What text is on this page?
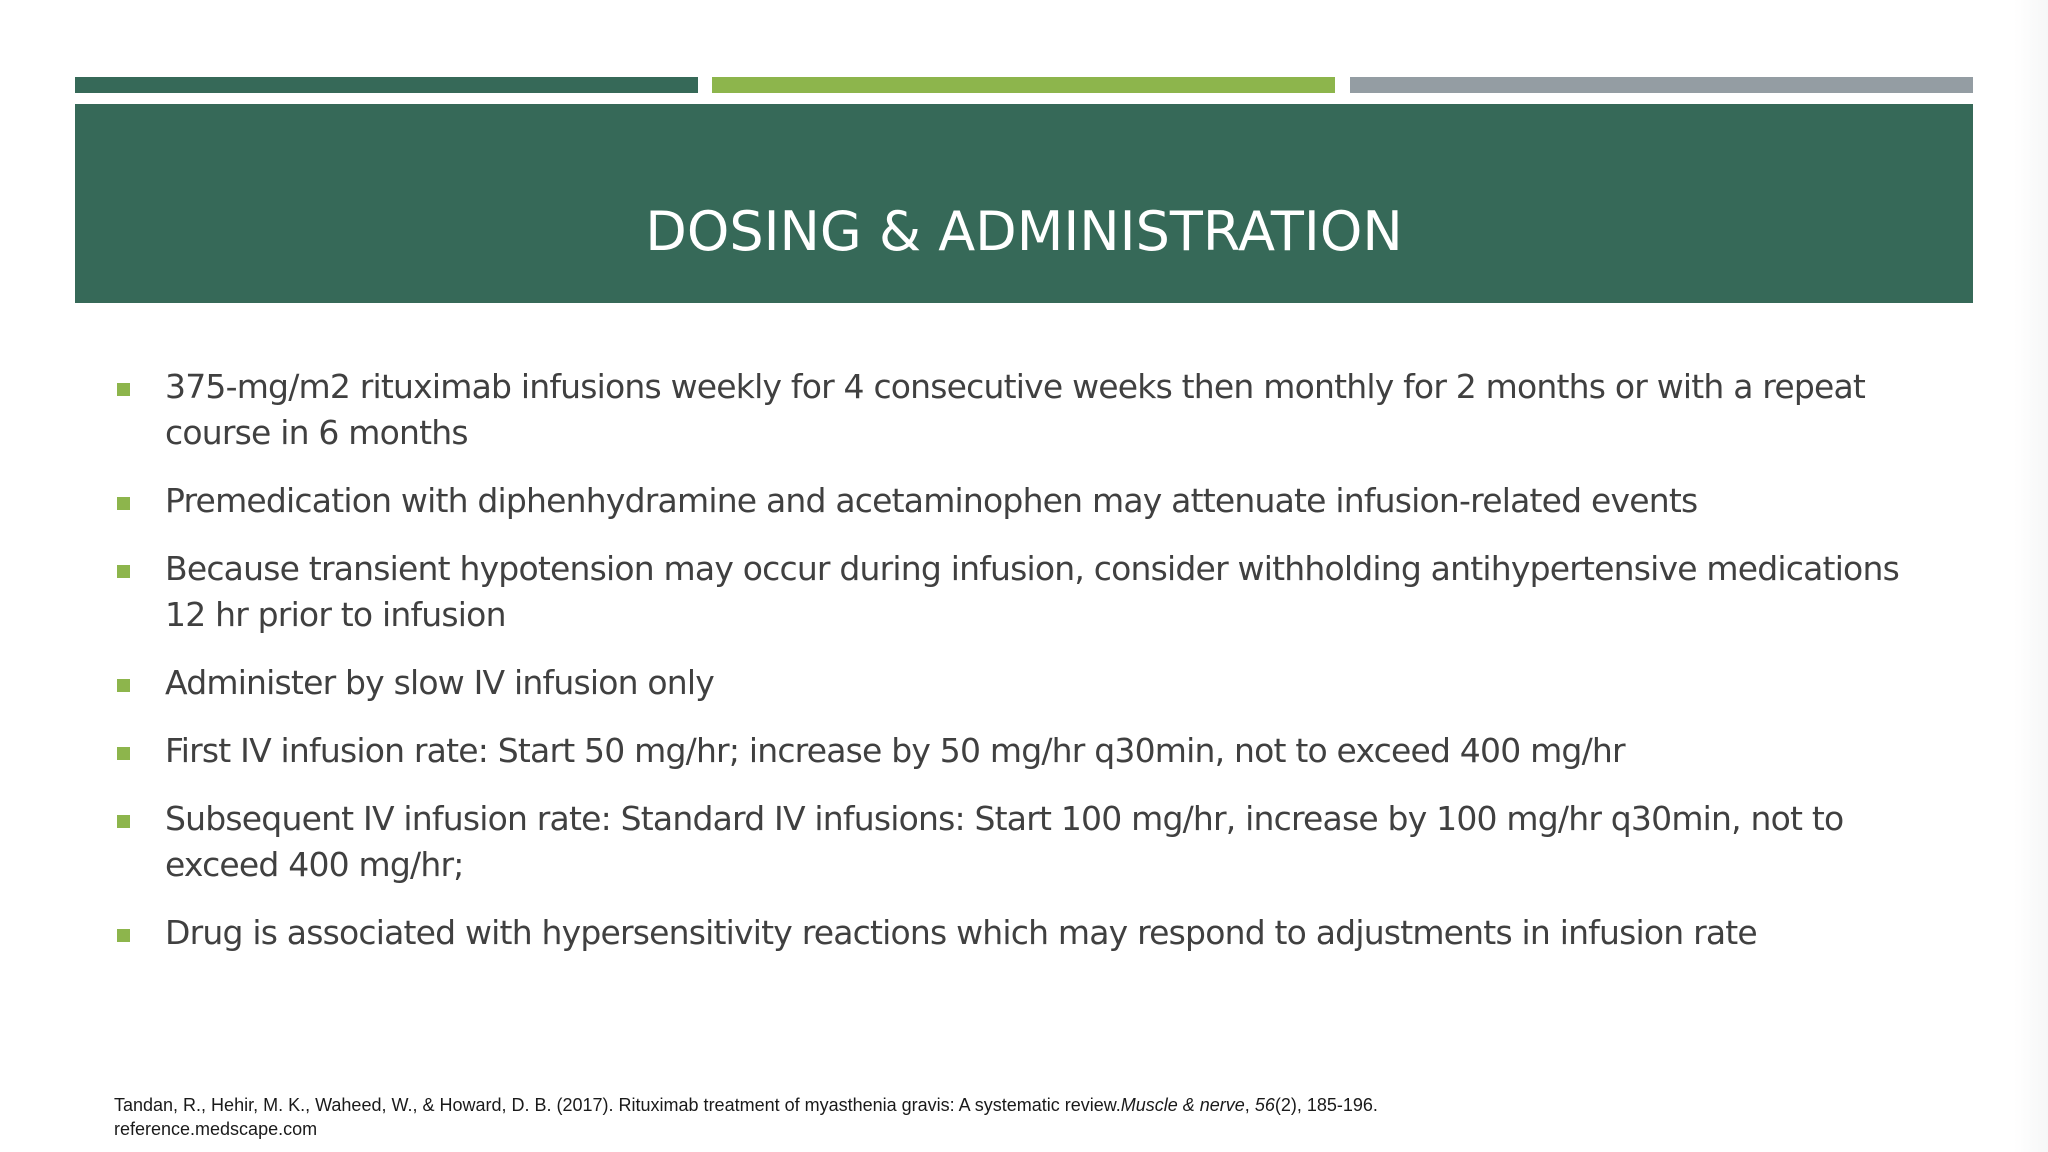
DOSING & ADMINISTRATION
375-mg/m2 rituximab infusions weekly for 4 consecutive weeks then monthly for 2 months or with a repeat course in 6 months
Premedication with diphenhydramine and acetaminophen may attenuate infusion-related events
Because transient hypotension may occur during infusion, consider withholding antihypertensive medications 12 hr prior to infusion
Administer by slow IV infusion only
First IV infusion rate: Start 50 mg/hr; increase by 50 mg/hr q30min, not to exceed 400 mg/hr
Subsequent IV infusion rate: Standard IV infusions: Start 100 mg/hr, increase by 100 mg/hr q30min, not to exceed 400 mg/hr;
Drug is associated with hypersensitivity reactions which may respond to adjustments in infusion rate
Tandan, R., Hehir, M. K., Waheed, W., & Howard, D. B. (2017). Rituximab treatment of myasthenia gravis: A systematic review.Muscle & nerve, 56(2), 185-196.
reference.medscape.com
